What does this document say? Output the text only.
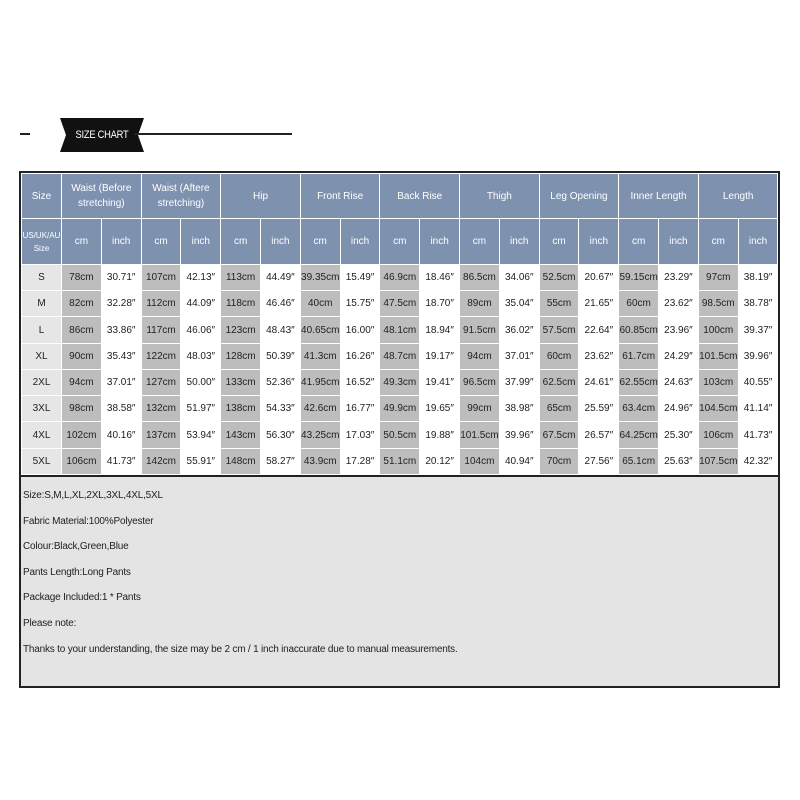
SIZE CHART
Size	Waist (Before stretching)		Waist (Aftere stretching)		Hip		Front Rise		Back Rise		Thigh		Leg Opening		Inner Length		Length	
US/UK/AU Size	cm	inch	cm	inch	cm	inch	cm	inch	cm	inch	cm	inch	cm	inch	cm	inch	cm	inch
S	78cm	30.71″	107cm	42.13″	113cm	44.49″	39.35cm	15.49″	46.9cm	18.46″	86.5cm	34.06″	52.5cm	20.67″	59.15cm	23.29″	97cm	38.19″
M	82cm	32.28″	112cm	44.09″	118cm	46.46″	40cm	15.75″	47.5cm	18.70″	89cm	35.04″	55cm	21.65″	60cm	23.62″	98.5cm	38.78″
L	86cm	33.86″	117cm	46.06″	123cm	48.43″	40.65cm	16.00″	48.1cm	18.94″	91.5cm	36.02″	57.5cm	22.64″	60.85cm	23.96″	100cm	39.37″
XL	90cm	35.43″	122cm	48.03″	128cm	50.39″	41.3cm	16.26″	48.7cm	19.17″	94cm	37.01″	60cm	23.62″	61.7cm	24.29″	101.5cm	39.96″
2XL	94cm	37.01″	127cm	50.00″	133cm	52.36″	41.95cm	16.52″	49.3cm	19.41″	96.5cm	37.99″	62.5cm	24.61″	62.55cm	24.63″	103cm	40.55″
3XL	98cm	38.58″	132cm	51.97″	138cm	54.33″	42.6cm	16.77″	49.9cm	19.65″	99cm	38.98″	65cm	25.59″	63.4cm	24.96″	104.5cm	41.14″
4XL	102cm	40.16″	137cm	53.94″	143cm	56.30″	43.25cm	17.03″	50.5cm	19.88″	101.5cm	39.96″	67.5cm	26.57″	64.25cm	25.30″	106cm	41.73″
5XL	106cm	41.73″	142cm	55.91″	148cm	58.27″	43.9cm	17.28″	51.1cm	20.12″	104cm	40.94″	70cm	27.56″	65.1cm	25.63″	107.5cm	42.32″
Size:S,M,L,XL,2XL,3XL,4XL,5XL
Fabric Material:100%Polyester
Colour:Black,Green,Blue
Pants Length:Long Pants
Package Included:1 * Pants
Please note:
Thanks to your understanding, the size may be 2 cm / 1 inch inaccurate due to manual measurements.
